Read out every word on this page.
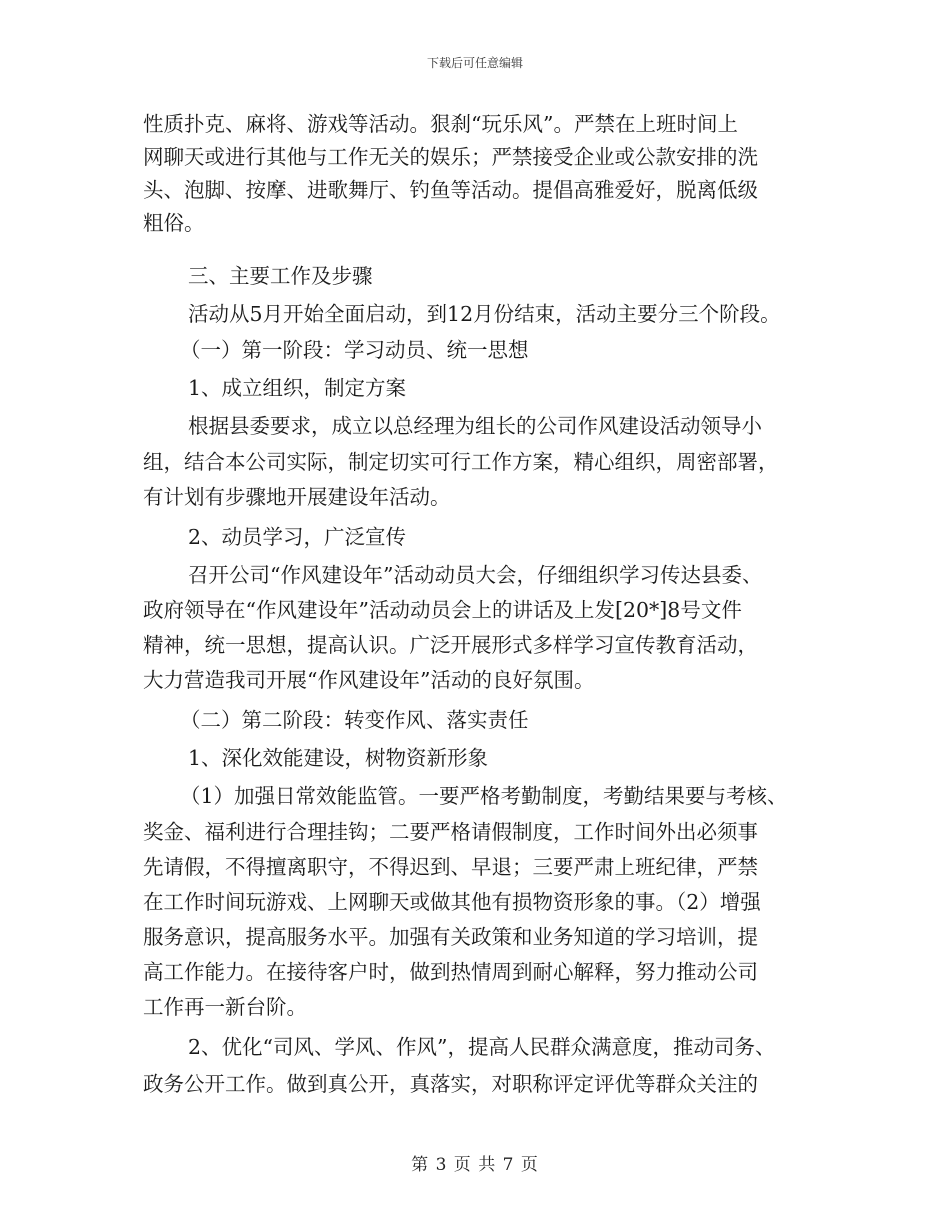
下载后可任意编辑
性质扑克、麻将、游戏等活动。狠刹“玩乐风”。严禁在上班时间上
网聊天或进行其他与工作无关的娱乐；严禁接受企业或公款安排的洗
头、泡脚、按摩、进歌舞厅、钓鱼等活动。提倡高雅爱好，脱离低级
粗俗。
三、主要工作及步骤
活动从5月开始全面启动，到12月份结束，活动主要分三个阶段。
（一）第一阶段：学习动员、统一思想
1、成立组织，制定方案
根据县委要求，成立以总经理为组长的公司作风建设活动领导小
组，结合本公司实际，制定切实可行工作方案，精心组织，周密部署，
有计划有步骤地开展建设年活动。
2、动员学习，广泛宣传
召开公司“作风建设年”活动动员大会，仔细组织学习传达县委、
政府领导在“作风建设年”活动动员会上的讲话及上发[20*]8号文件
精神，统一思想，提高认识。广泛开展形式多样学习宣传教育活动，
大力营造我司开展“作风建设年”活动的良好氛围。
（二）第二阶段：转变作风、落实责任
1、深化效能建设，树物资新形象
（1）加强日常效能监管。一要严格考勤制度，考勤结果要与考核、
奖金、福利进行合理挂钩；二要严格请假制度，工作时间外出必须事
先请假，不得擅离职守，不得迟到、早退；三要严肃上班纪律，严禁
在工作时间玩游戏、上网聊天或做其他有损物资形象的事。（2）增强
服务意识，提高服务水平。加强有关政策和业务知道的学习培训，提
高工作能力。在接待客户时，做到热情周到耐心解释，努力推动公司
工作再一新台阶。
2、优化“司风、学风、作风”，提高人民群众满意度，推动司务、
政务公开工作。做到真公开，真落实，对职称评定评优等群众关注的
第 3 页 共 7 页
